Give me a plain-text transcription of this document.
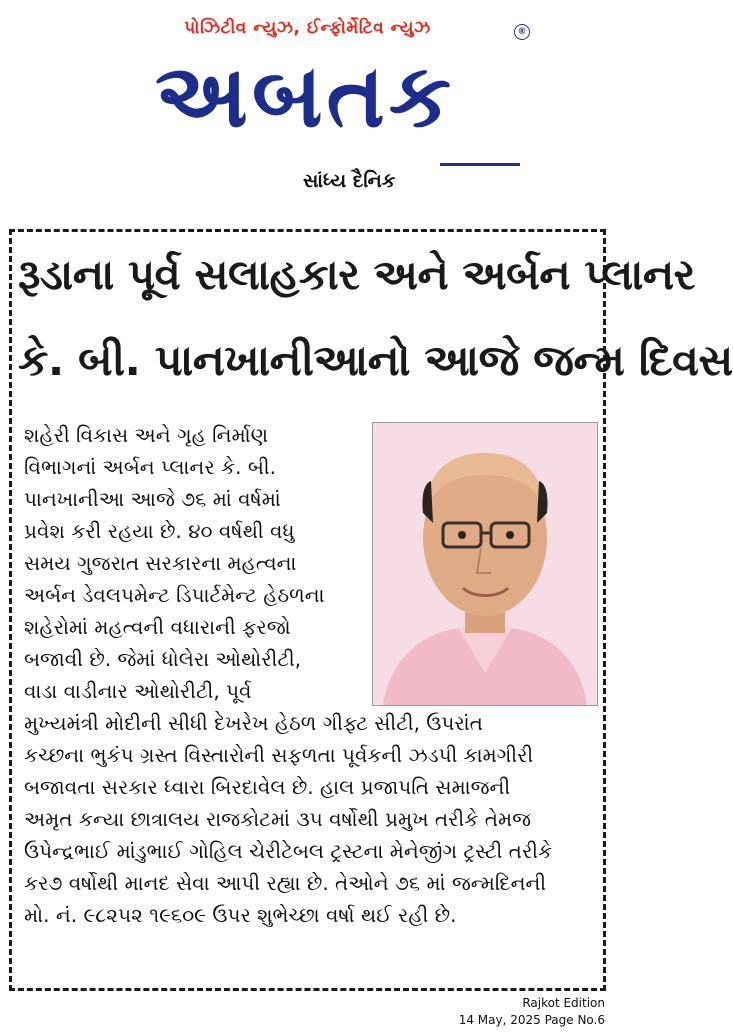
પોઝિટીવ ન્યુઝ, ઈન્ફોર્મેટિવ ન્યુઝ	®
અબતક
સાંધ્ય દૈનિક
રૂડાના પૂર્વ સલાહકાર અને અર્બન પ્લાનર
કે. બી. પાનખાનીઆનો આજે જન્મ દિવસ
શહેરી વિકાસ અને ગૃહ નિર્માણ
વિભાગનાં અર્બન પ્લાનર કે. બી.
પાનખાનીઆ આજે ૭૬ માં વર્ષમાં
પ્રવેશ કરી રહયા છે. ૪૦ વર્ષથી વધુ
સમય ગુજરાત સરકારના મહત્વના
અર્બન ડેવલપમેન્ટ ડિપાર્ટમેન્ટ હેઠળના
શહેરોમાં મહત્વની વધારાની ફરજો
બજાવી છે. જેમાં ધોલેરા ઓથોરીટી,
વાડા વાડીનાર ઓથોરીટી, પૂર્વ
મુખ્યમંત્રી મોદીની સીધી દેખરેખ હેઠળ ગીફ્ટ સીટી, ઉપરાંત
કચ્છના ભુકંપ ગ્રસ્ત વિસ્તારોની સફળતા પૂર્વકની ઝડપી કામગીરી
બજાવતા સરકાર ધ્વારા બિરદાવેલ છે. હાલ પ્રજાપતિ સમાજની
અમૃત કન્યા છાત્રાલય રાજકોટમાં ૩૫ વર્ષોથી પ્રમુખ તરીકે તેમજ
ઉપેન્દ્રભાઈ માંડુભાઈ ગોહિલ ચેરીટેબલ ટ્રસ્ટના મેનેજીંગ ટ્રસ્ટી તરીકે
કર૭ વર્ષોથી માનદ સેવા આપી રહ્યા છે. તેઓને ૭૬ માં જન્મદિનની
મો. નં. ૯૮૨૫૨ ૧૯૬૦૯ ઉપર શુભેચ્છા વર્ષા થઈ રહી છે.
Rajkot Edition
14 May, 2025 Page No.6
